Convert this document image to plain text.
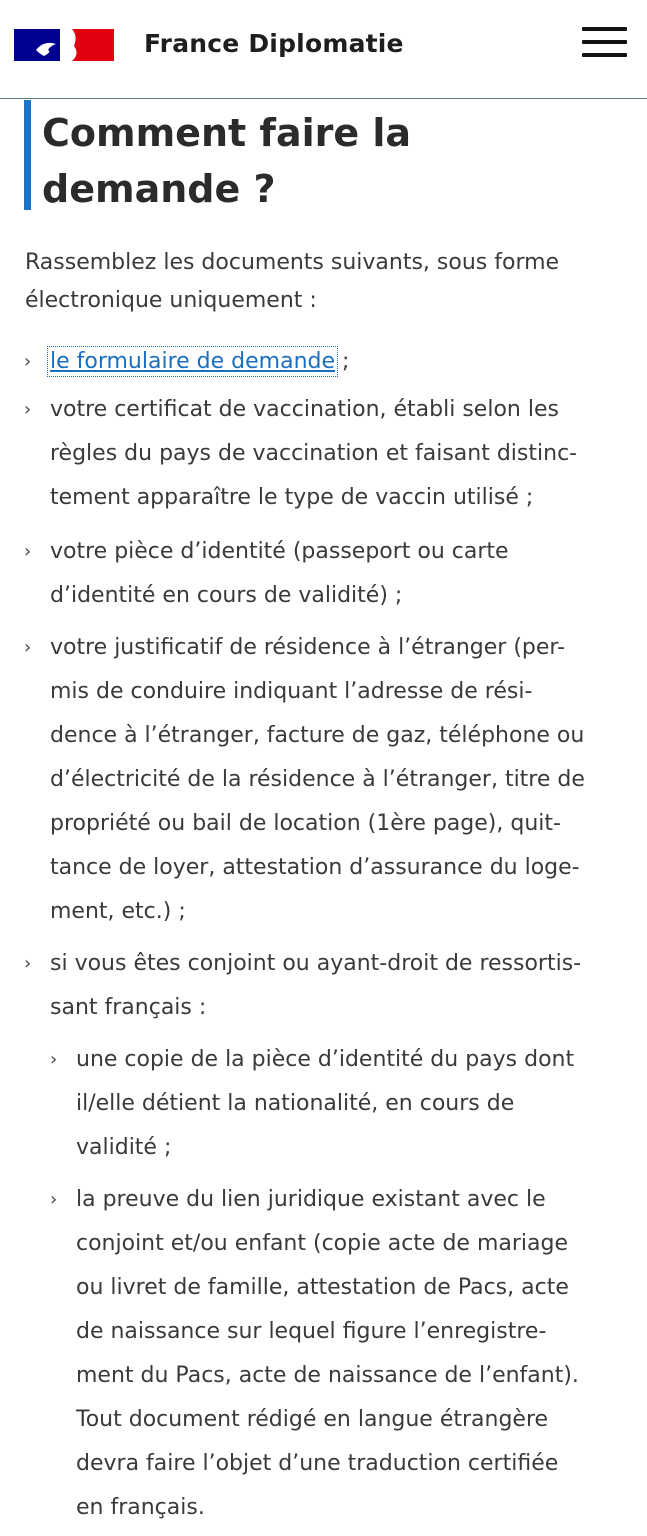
France Diplomatie
Comment faire la
demande ?

Rassemblez les documents suivants, sous forme
électronique uniquement :

› le formulaire de demande ;
› votre certificat de vaccination, établi selon les
règles du pays de vaccination et faisant distinc-
tement apparaître le type de vaccin utilisé ;
› votre pièce d’identité (passeport ou carte
d’identité en cours de validité) ;
› votre justificatif de résidence à l’étranger (per-
mis de conduire indiquant l’adresse de rési-
dence à l’étranger, facture de gaz, téléphone ou
d’électricité de la résidence à l’étranger, titre de
propriété ou bail de location (1ère page), quit-
tance de loyer, attestation d’assurance du loge-
ment, etc.) ;
› si vous êtes conjoint ou ayant-droit de ressortis-
sant français :
› une copie de la pièce d’identité du pays dont
il/elle détient la nationalité, en cours de
validité ;
› la preuve du lien juridique existant avec le
conjoint et/ou enfant (copie acte de mariage
ou livret de famille, attestation de Pacs, acte
de naissance sur lequel figure l’enregistre-
ment du Pacs, acte de naissance de l’enfant).
Tout document rédigé en langue étrangère
devra faire l’objet d’une traduction certifiée
en français.
